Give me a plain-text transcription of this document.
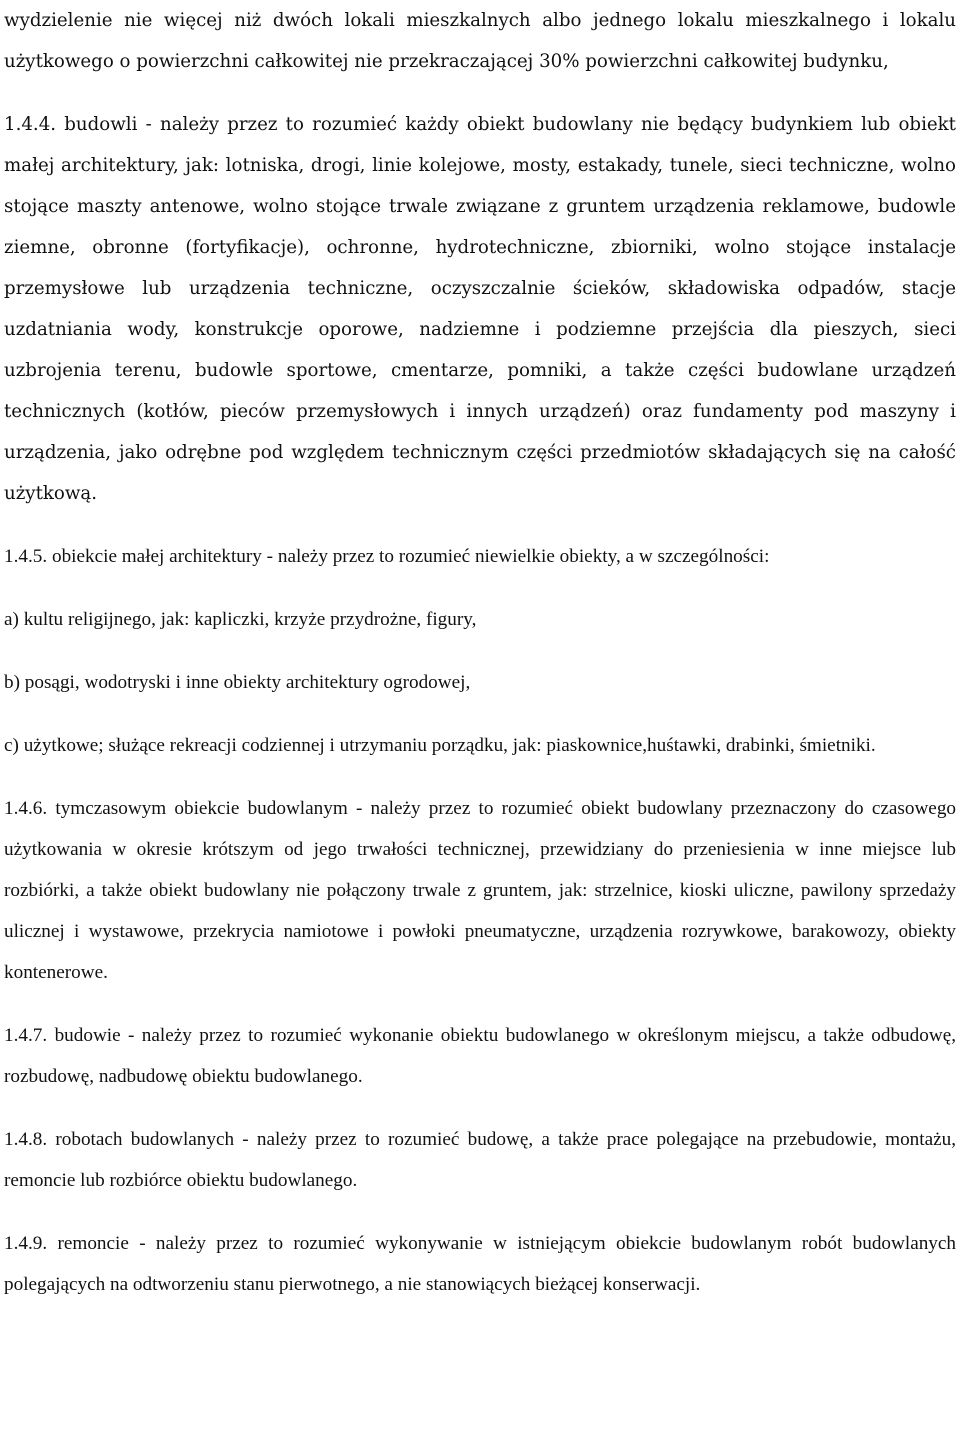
wydzielenie nie więcej niż dwóch lokali mieszkalnych albo jednego lokalu mieszkalnego i lokalu użytkowego o powierzchni całkowitej nie przekraczającej 30% powierzchni całkowitej budynku,

1.4.4. budowli - należy przez to rozumieć każdy obiekt budowlany nie będący budynkiem lub obiekt małej architektury, jak: lotniska, drogi, linie kolejowe, mosty, estakady, tunele, sieci techniczne, wolno stojące maszty antenowe, wolno stojące trwale związane z gruntem urządzenia reklamowe, budowle ziemne, obronne (fortyfikacje), ochronne, hydrotechniczne, zbiorniki, wolno stojące instalacje przemysłowe lub urządzenia techniczne, oczyszczalnie ścieków, składowiska odpadów, stacje uzdatniania wody, konstrukcje oporowe, nadziemne i podziemne przejścia dla pieszych, sieci uzbrojenia terenu, budowle sportowe, cmentarze, pomniki, a także części budowlane urządzeń technicznych (kotłów, pieców przemysłowych i innych urządzeń) oraz fundamenty pod maszyny i urządzenia, jako odrębne pod względem technicznym części przedmiotów składających się na całość użytkową.

1.4.5. obiekcie małej architektury - należy przez to rozumieć niewielkie obiekty, a w szczególności:

a) kultu religijnego, jak: kapliczki, krzyże przydrożne, figury,

b) posągi, wodotryski i inne obiekty architektury ogrodowej,

c) użytkowe; służące rekreacji codziennej i utrzymaniu porządku, jak: piaskownice,huśtawki, drabinki, śmietniki.

1.4.6. tymczasowym obiekcie budowlanym - należy przez to rozumieć obiekt budowlany przeznaczony do czasowego użytkowania w okresie krótszym od jego trwałości technicznej, przewidziany do przeniesienia w inne miejsce lub rozbiórki, a także obiekt budowlany nie połączony trwale z gruntem, jak: strzelnice, kioski uliczne, pawilony sprzedaży ulicznej i wystawowe, przekrycia namiotowe i powłoki pneumatyczne, urządzenia rozrywkowe, barakowozy, obiekty kontenerowe.

1.4.7. budowie - należy przez to rozumieć wykonanie obiektu budowlanego w określonym miejscu, a także odbudowę, rozbudowę, nadbudowę obiektu budowlanego.

1.4.8. robotach budowlanych - należy przez to rozumieć budowę, a także prace polegające na przebudowie, montażu, remoncie lub rozbiórce obiektu budowlanego.

1.4.9. remoncie - należy przez to rozumieć wykonywanie w istniejącym obiekcie budowlanym robót budowlanych polegających na odtworzeniu stanu pierwotnego, a nie stanowiących bieżącej konserwacji.
